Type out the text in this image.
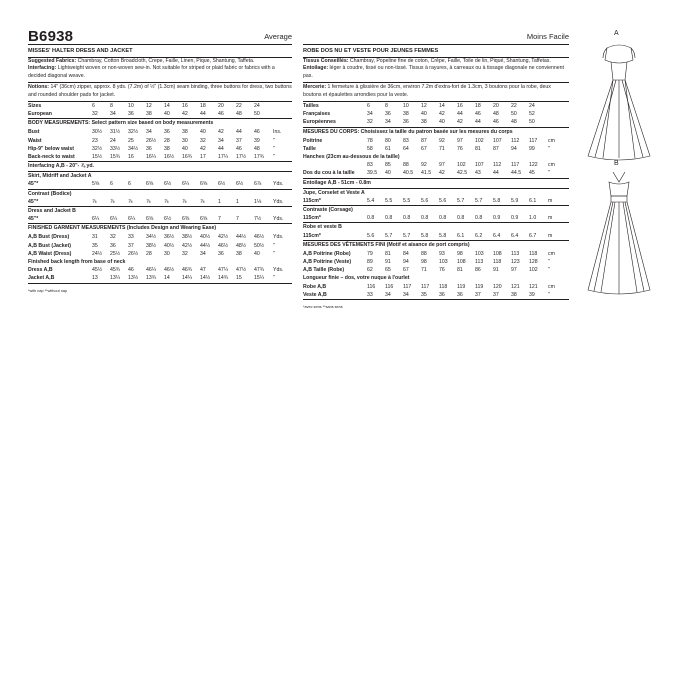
B6938	Average
MISSES' HALTER DRESS AND JACKET
Suggested Fabrics: Chambray, Cotton Broadcloth, Crepe, Faille, Linen, Pique, Shantung, Taffeta.
Interfacing: Lightweight woven or non-woven sew-in. Not suitable for striped or plaid fabric or fabrics with a decided diagonal weave.
Notions: 14" (36cm) zipper, approx. 8 yds. (7.2m) of ½" (1.3cm) seam binding, three buttons for dress, two buttons and rounded shoulder pads for jacket.
Sizes	6	8	10	12	14	16	18	20	22	24	
European	32	34	36	38	40	42	44	46	48	50	
BODY MEASUREMENTS: Select pattern size based on body measurements
Bust	30½	31½	32½	34	36	38	40	42	44	46	Ins.
Waist	23	24	25	26½	28	30	32	34	37	39	"
Hip-9" below waist	32½	33½	34½	36	38	40	42	44	46	48	"
Back-neck to waist	15½	15¾	16	16¼	16½	16¾	17	17¼	17½	17¾	"
Interfacing A,B - 20"- ⅞ yd.
Skirt, Midriff and Jacket A
45"*	5⅝	6	6	6⅝	6½	6¼	6⅝	6½	6½	6⅞	Yds.
Contrast (Bodice)
45"*	⅞	⅞	⅞	⅞	⅞	⅞	⅞	1	1	1⅛	Yds.
Dress and Jacket B
45"*	6¼	6¼	6¼	6⅝	6½	6⅜	6⅝	7	7	7½	Yds.
FINISHED GARMENT MEASUREMENTS (Includes Design and Wearing Ease)
A,B Bust (Dress)	31	32	33	34½	36½	38½	40½	42½	44½	46½	Yds.
A,B Bust (Jacket)	35	36	37	38½	40½	42½	44½	46½	48½	50½	"
A,B Waist (Dress)	24½	25½	26½	28	30	32	34	36	38	40	"
Finished back length from base of neck
Dress A,B	45½	45¾	46	46¼	46½	46¾	47	47¼	47½	47¾	Yds.
Jacket A,B	13	13¼	13½	13¾	14	14¼	14½	14¾	15	15¼	"
*with nap **without nap
Moins Facile
ROBE DOS NU ET VESTE POUR JEUNES FEMMES
Tissus Conseillés: Chambray, Popeline fine de coton, Crêpe, Faille, Toile de lin, Piqué, Shantung, Taffetas. Entoilage: léger à coudre, tissé ou non-tissé. Tissus à rayures, à carreaux ou à tissage diagonale ne conviennent pas.
Mercerie: 1 fermeture à glissière de 36cm, environ 7.2m d'extra-fort de 1.3cm, 3 boutons pour la robe, deux boutons et épaulettes arrondies pour la veste.
Tailles	6	8	10	12	14	16	18	20	22	24	
Françaises	34	36	38	40	42	44	46	48	50	52	
Européennes	32	34	36	38	40	42	44	46	48	50	
MESURES DU CORPS: Choisissez la taille du patron basée sur les mesures du corps
Poitrine	78	80	83	87	92	97	102	107	112	117	cm
Taille	58	61	64	67	71	76	81	87	94	99	"
Hanches (23cm au-dessous de la taille)
	83	85	88	92	97	102	107	112	117	122	cm
Dos du cou à la taille	39.5	40	40.5	41.5	42	42.5	43	44	44.5	45	"
Entoilage A,B - 51cm - 0.8m
Jupe, Corselet et Veste A
115cm*	5.4	5.5	5.5	5.6	5.6	5.7	5.7	5.8	5.9	6.1	m
Contraste (Corsage)
115cm*	0.8	0.8	0.8	0.8	0.8	0.8	0.8	0.9	0.9	1.0	m
Robe et veste B
115cm*	5.6	5.7	5.7	5.8	5.8	6.1	6.2	6.4	6.4	6.7	m
MESURES DES VÊTEMENTS FINI (Motif et aisance de port compris)
A,B Poitrine (Robe)	79	81	84	88	93	98	103	108	113	118	cm
A,B Poitrine (Veste)	89	91	94	98	103	108	113	118	123	128	"
A,B Taille (Robe)	62	65	67	71	76	81	86	91	97	102	"
Longueur finie – dos, votre nuque à l'ourlet
Robe A,B	116	116	117	117	118	119	119	120	121	121	cm
Veste A,B	33	34	34	35	36	36	37	37	38	39	"
*avec sens **sans sens
A
B
